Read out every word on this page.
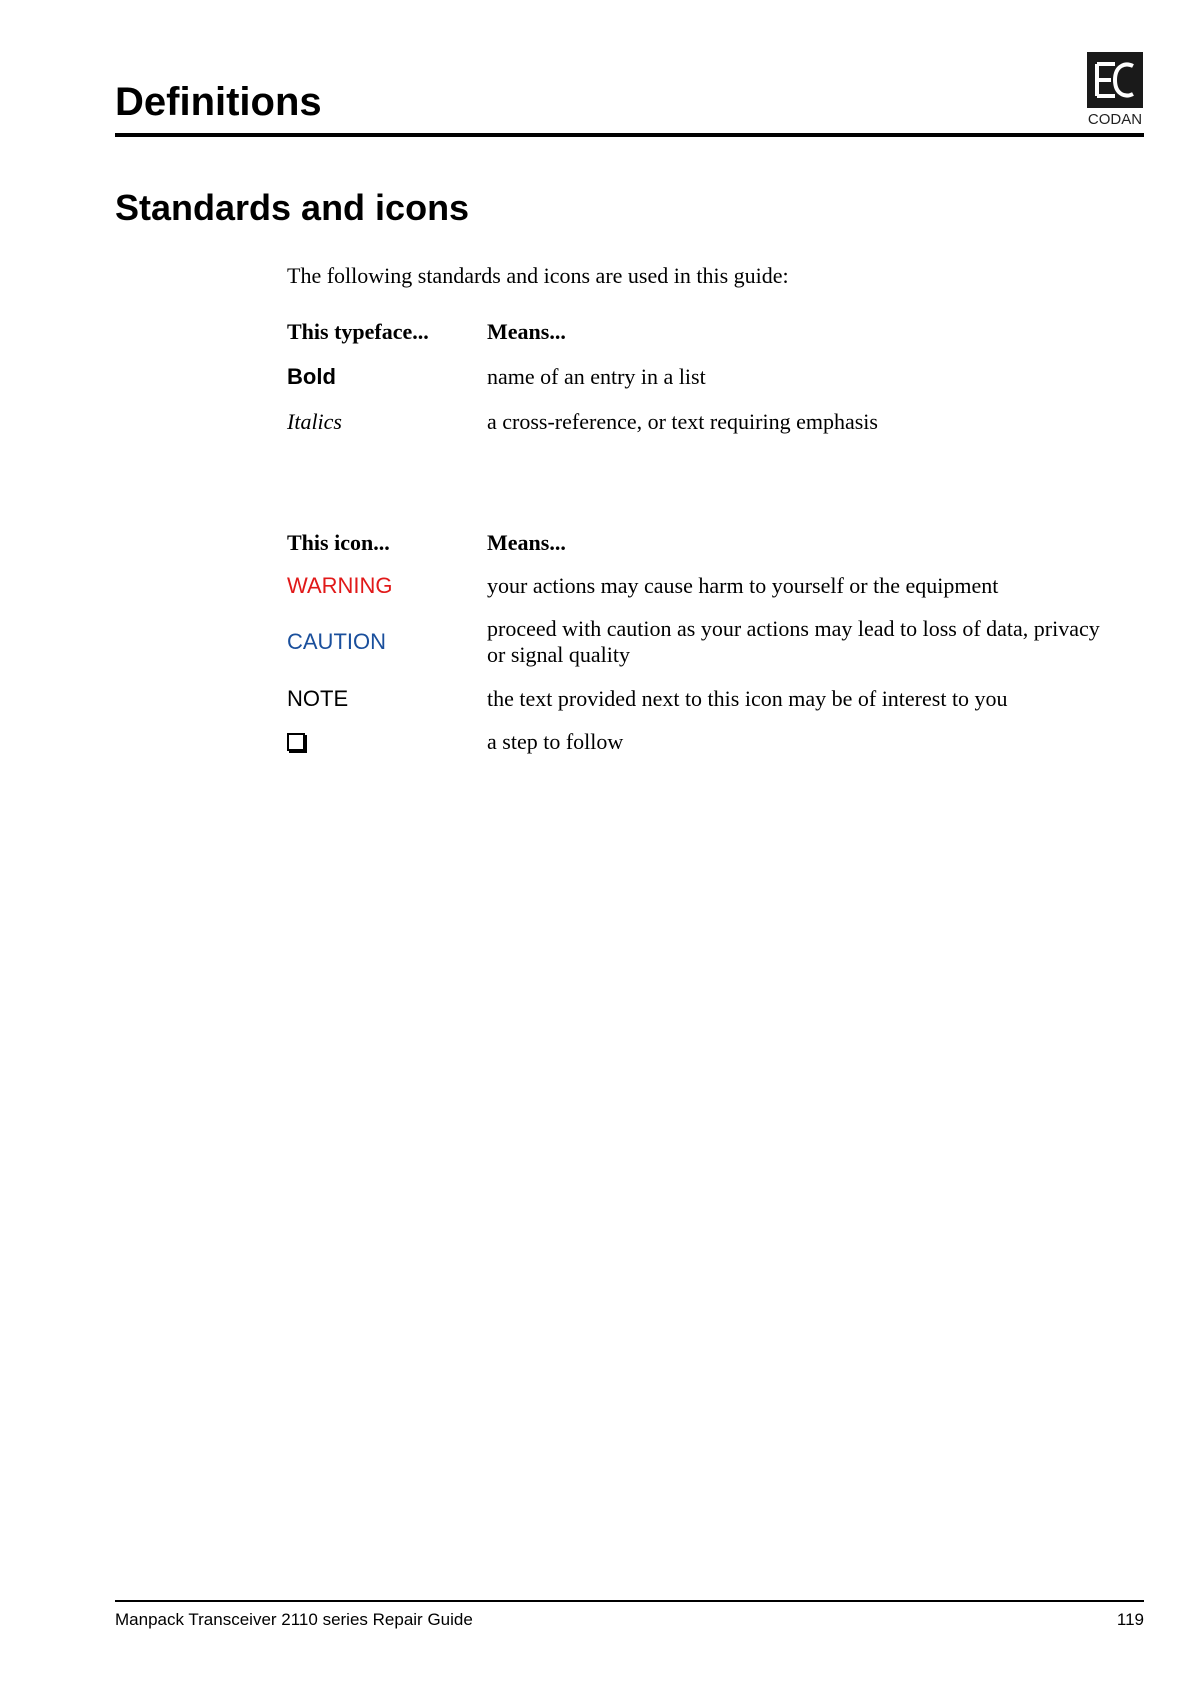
Definitions	CODAN
Standards and icons

The following standards and icons are used in this guide:

This typeface...	Means...
Bold	name of an entry in a list
Italics	a cross-reference, or text requiring emphasis
This icon...	Means...
WARNING	your actions may cause harm to yourself or the equipment
CAUTION	proceed with caution as your actions may lead to loss of data, privacy or signal quality
NOTE	the text provided next to this icon may be of interest to you
	a step to follow
Manpack Transceiver 2110 series Repair Guide	119
